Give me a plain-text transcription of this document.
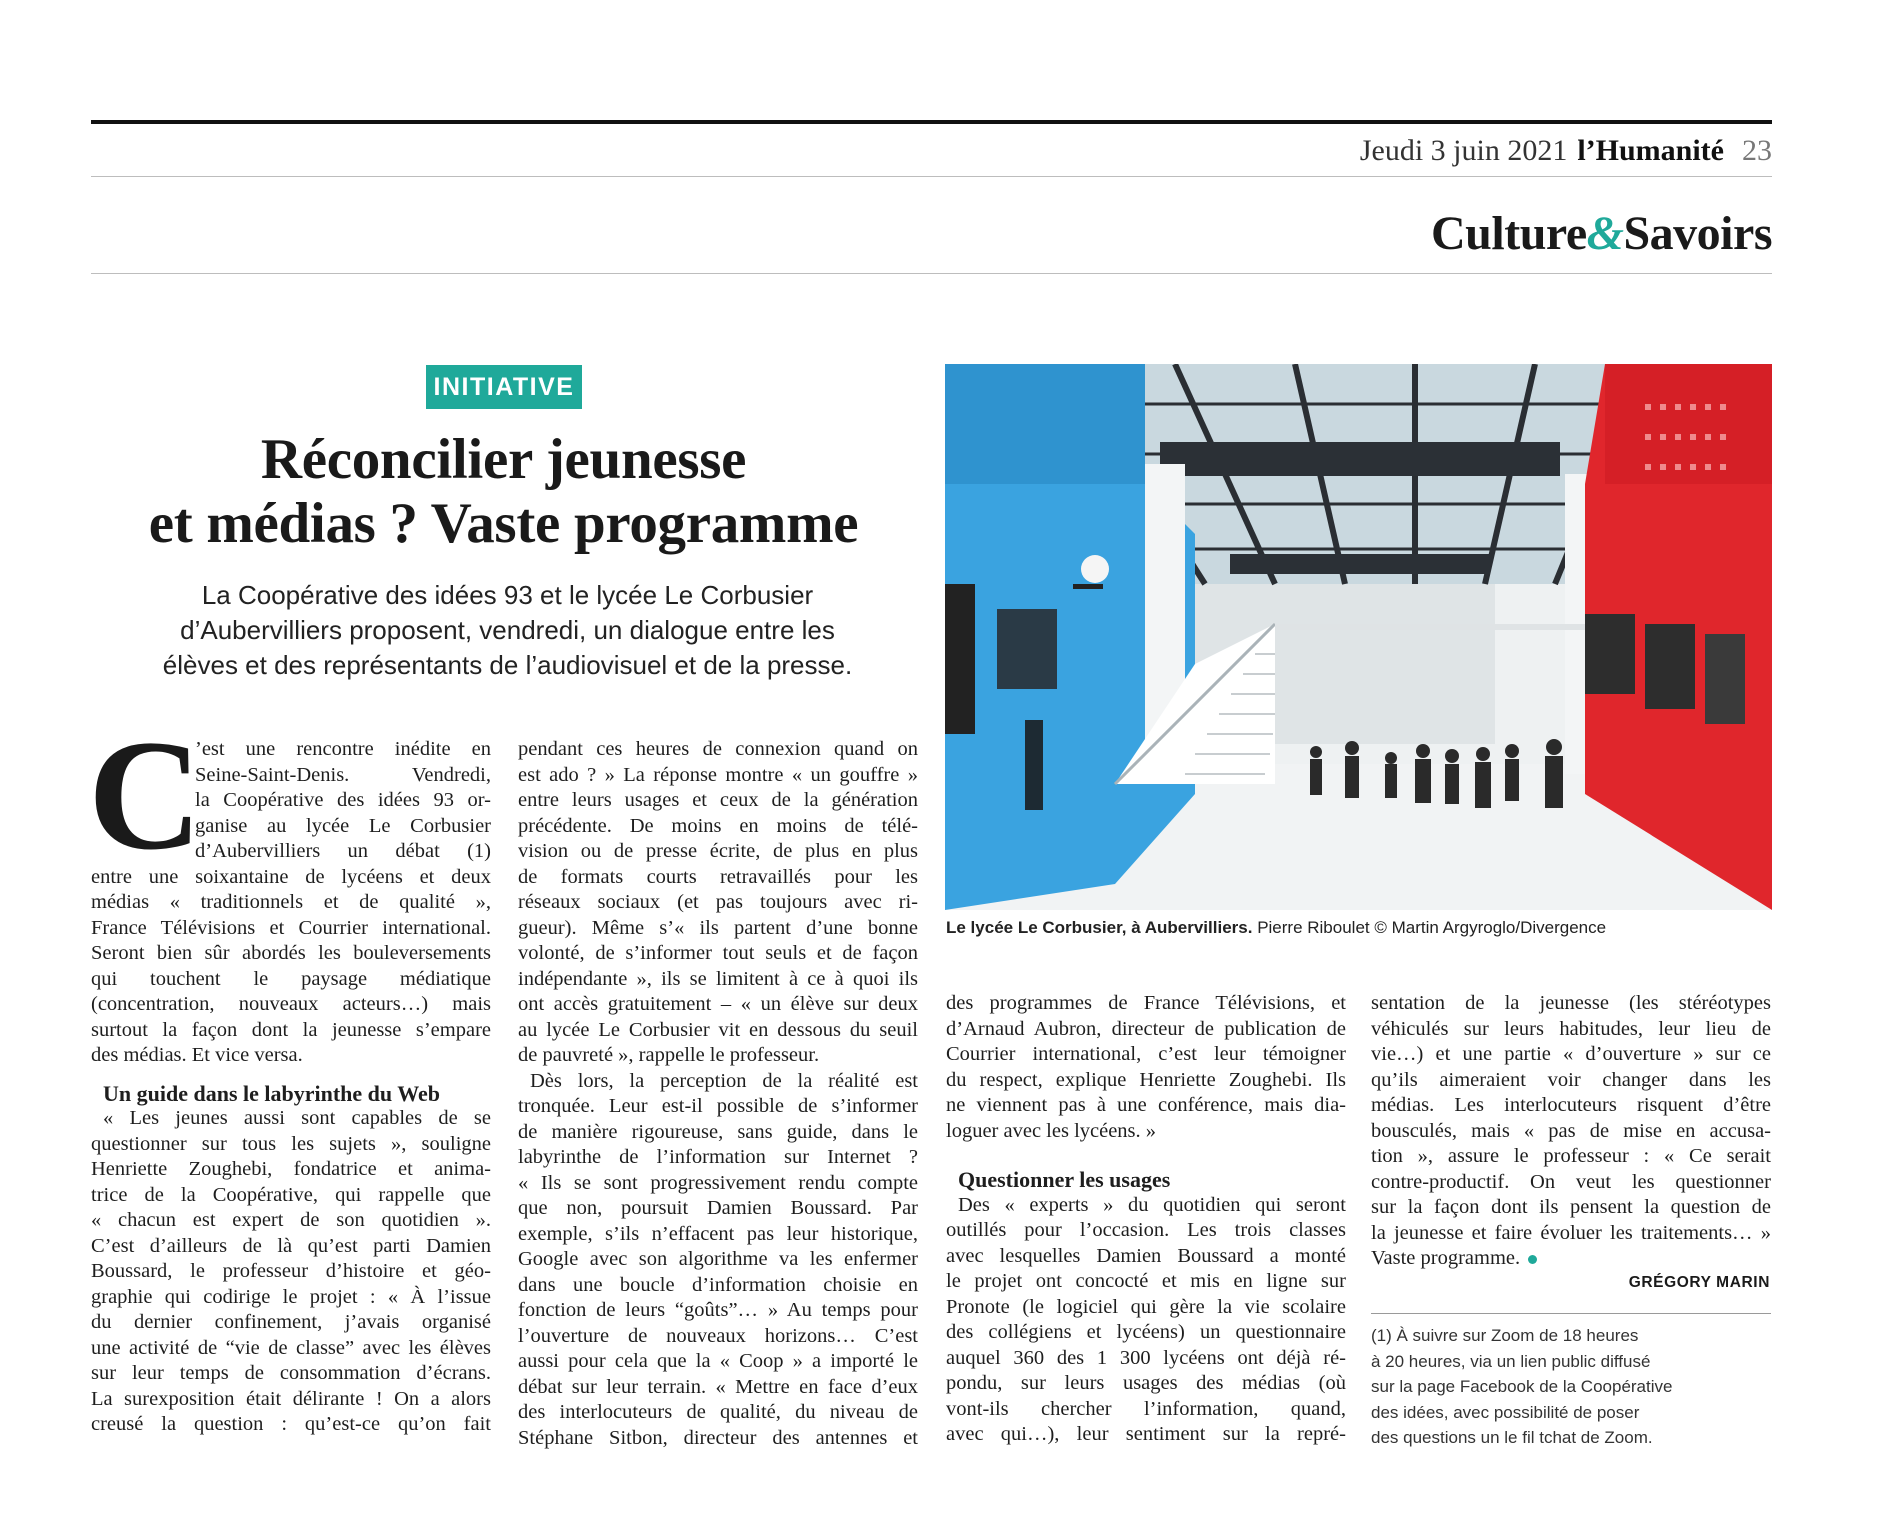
Jeudi 3 juin 2021 l’Humanité 23
Culture&Savoirs
INITIATIVE
Réconcilier jeunesse
et médias ? Vaste programme
La Coopérative des idées 93 et le lycée Le Corbusier
d’Aubervilliers proposent, vendredi, un dialogue entre les
élèves et des représentants de l’audiovisuel et de la presse.
Le lycée Le Corbusier, à Aubervilliers. Pierre Riboulet © Martin Argyroglo/Divergence
C
’est une rencontre inédite en
Seine-Saint-Denis. Vendredi,
la Coopérative des idées 93 or-
ganise au lycée Le Corbusier
d’Aubervilliers un débat (1)
entre une soixantaine de lycéens et deux
médias « traditionnels et de qualité »,
France Télévisions et Courrier international.
Seront bien sûr abordés les bouleversements
qui touchent le paysage médiatique
(concentration, nouveaux acteurs…) mais
surtout la façon dont la jeunesse s’empare
des médias. Et vice versa.
Un guide dans le labyrinthe du Web
« Les jeunes aussi sont capables de se
questionner sur tous les sujets », souligne
Henriette Zoughebi, fondatrice et anima-
trice de la Coopérative, qui rappelle que
« chacun est expert de son quotidien ».
C’est d’ailleurs de là qu’est parti Damien
Boussard, le professeur d’histoire et géo-
graphie qui codirige le projet : « À l’issue
du dernier confinement, j’avais organisé
une activité de “vie de classe” avec les élèves
sur leur temps de consommation d’écrans.
La surexposition était délirante ! On a alors
creusé la question : qu’est-ce qu’on fait
pendant ces heures de connexion quand on
est ado ? » La réponse montre « un gouffre »
entre leurs usages et ceux de la génération
précédente. De moins en moins de télé-
vision ou de presse écrite, de plus en plus
de formats courts retravaillés pour les
réseaux sociaux (et pas toujours avec ri-
gueur). Même s’« ils partent d’une bonne
volonté, de s’informer tout seuls et de façon
indépendante », ils se limitent à ce à quoi ils
ont accès gratuitement – « un élève sur deux
au lycée Le Corbusier vit en dessous du seuil
de pauvreté », rappelle le professeur.
Dès lors, la perception de la réalité est
tronquée. Leur est-il possible de s’informer
de manière rigoureuse, sans guide, dans le
labyrinthe de l’information sur Internet ?
« Ils se sont progressivement rendu compte
que non, poursuit Damien Boussard. Par
exemple, s’ils n’effacent pas leur historique,
Google avec son algorithme va les enfermer
dans une boucle d’information choisie en
fonction de leurs “goûts”… » Au temps pour
l’ouverture de nouveaux horizons… C’est
aussi pour cela que la « Coop » a importé le
débat sur leur terrain. « Mettre en face d’eux
des interlocuteurs de qualité, du niveau de
Stéphane Sitbon, directeur des antennes et
des programmes de France Télévisions, et
d’Arnaud Aubron, directeur de publication de
Courrier international, c’est leur témoigner
du respect, explique Henriette Zoughebi. Ils
ne viennent pas à une conférence, mais dia-
loguer avec les lycéens. »
Questionner les usages
Des « experts » du quotidien qui seront
outillés pour l’occasion. Les trois classes
avec lesquelles Damien Boussard a monté
le projet ont concocté et mis en ligne sur
Pronote (le logiciel qui gère la vie scolaire
des collégiens et lycéens) un questionnaire
auquel 360 des 1 300 lycéens ont déjà ré-
pondu, sur leurs usages des médias (où
vont-ils chercher l’information, quand,
avec qui…), leur sentiment sur la repré-
sentation de la jeunesse (les stéréotypes
véhiculés sur leurs habitudes, leur lieu de
vie…) et une partie « d’ouverture » sur ce
qu’ils aimeraient voir changer dans les
médias. Les interlocuteurs risquent d’être
bousculés, mais « pas de mise en accusa-
tion », assure le professeur : « Ce serait
contre-productif. On veut les questionner
sur la façon dont ils pensent la question de
la jeunesse et faire évoluer les traitements… »
Vaste programme.
GRÉGORY MARIN
(1) À suivre sur Zoom de 18 heures
à 20 heures, via un lien public diffusé
sur la page Facebook de la Coopérative
des idées, avec possibilité de poser
des questions un le fil tchat de Zoom.
